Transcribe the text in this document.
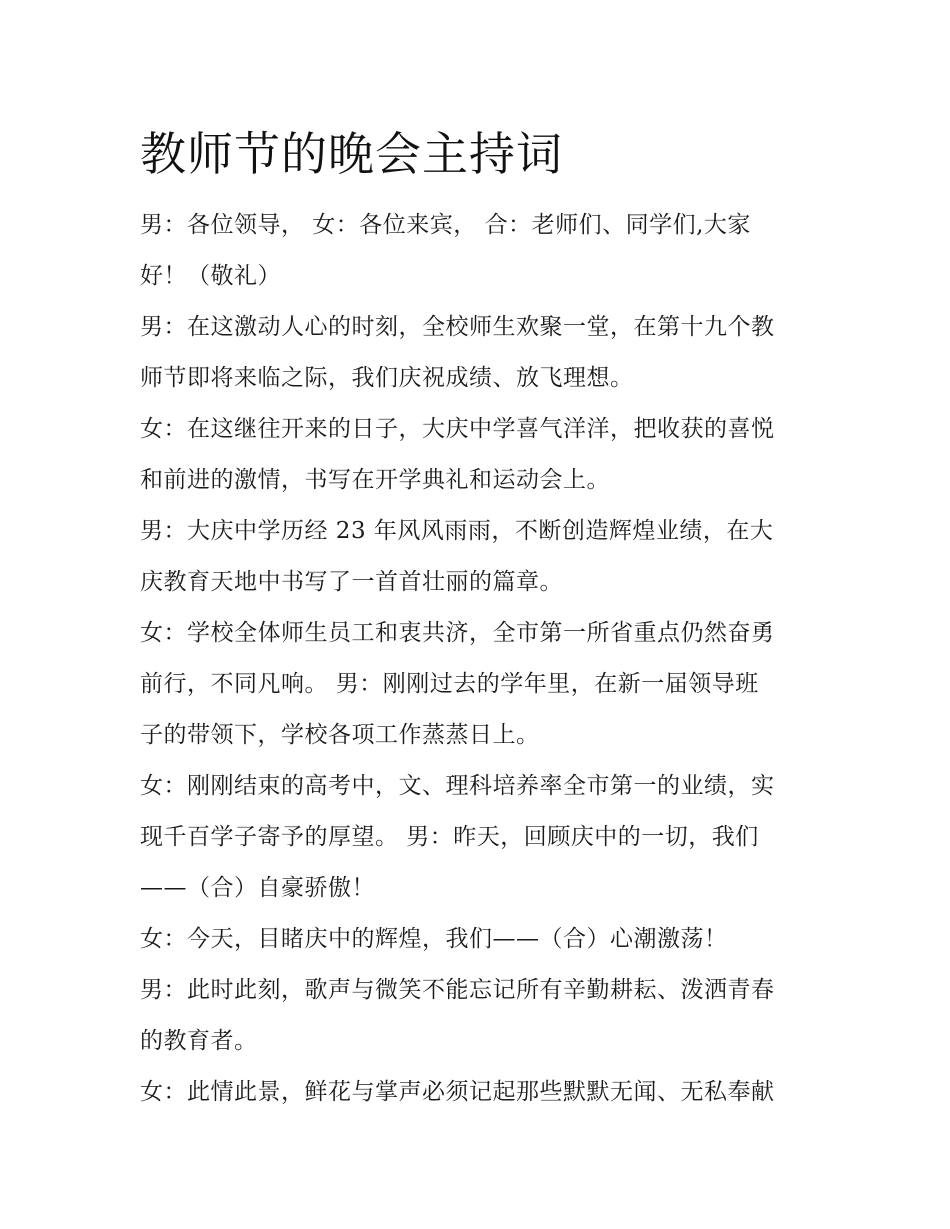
教师节的晚会主持词

男：各位领导， 女：各位来宾， 合：老师们、同学们,大家

好！（敬礼）

男：在这激动人心的时刻，全校师生欢聚一堂，在第十九个教

师节即将来临之际，我们庆祝成绩、放飞理想。

女：在这继往开来的日子，大庆中学喜气洋洋，把收获的喜悦

和前进的激情，书写在开学典礼和运动会上。

男：大庆中学历经 23 年风风雨雨，不断创造辉煌业绩，在大

庆教育天地中书写了一首首壮丽的篇章。

女：学校全体师生员工和衷共济，全市第一所省重点仍然奋勇

前行，不同凡响。 男：刚刚过去的学年里，在新一届领导班

子的带领下，学校各项工作蒸蒸日上。

女：刚刚结束的高考中，文、理科培养率全市第一的业绩，实

现千百学子寄予的厚望。 男：昨天，回顾庆中的一切，我们

——（合）自豪骄傲！

女：今天，目睹庆中的辉煌，我们——（合）心潮激荡！

男：此时此刻，歌声与微笑不能忘记所有辛勤耕耘、泼洒青春

的教育者。

女：此情此景，鲜花与掌声必须记起那些默默无闻、无私奉献
